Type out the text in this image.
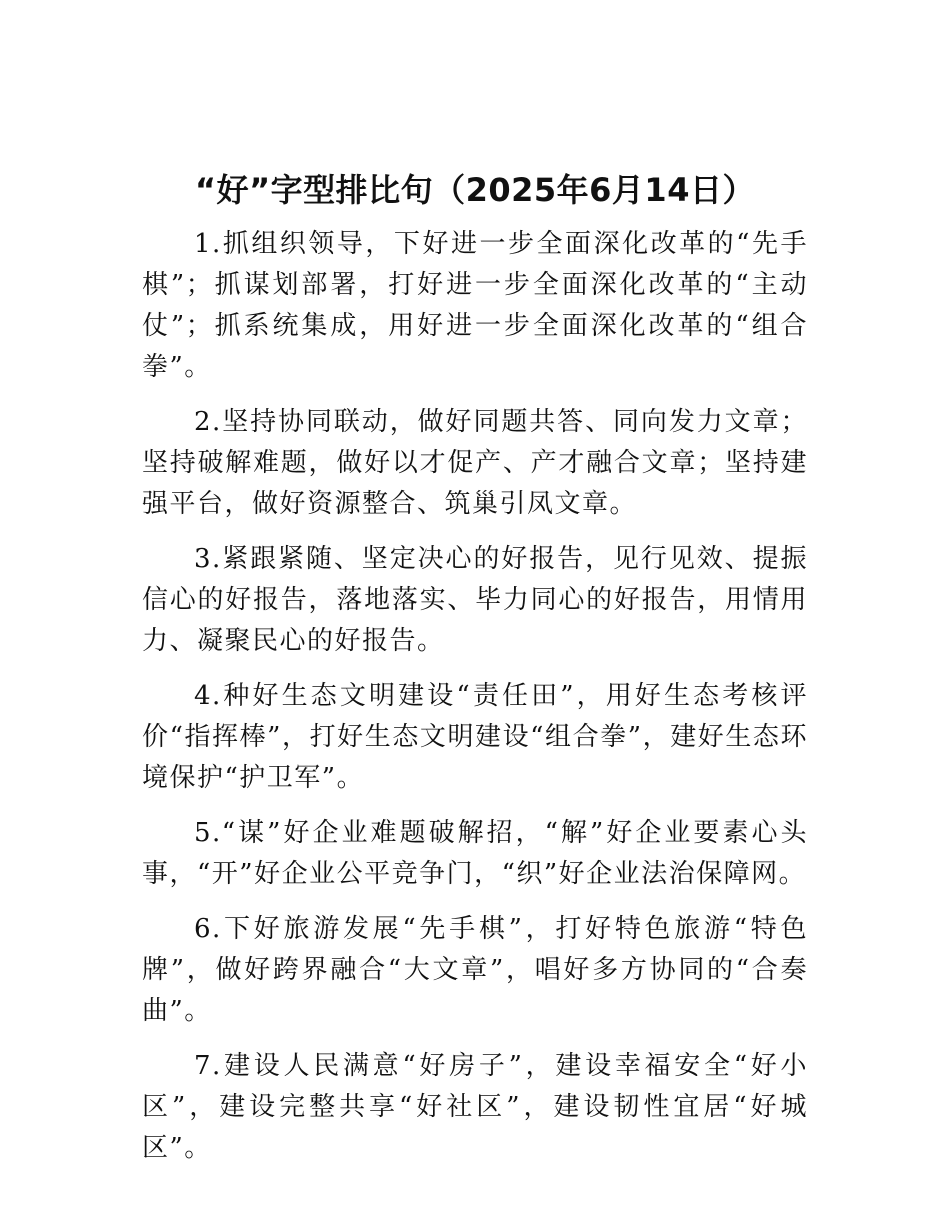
“好”字型排比句（2025年6月14日）

1.抓组织领导，下好进一步全面深化改革的“先手棋”；抓谋划部署，打好进一步全面深化改革的“主动仗”；抓系统集成，用好进一步全面深化改革的“组合拳”。

2.坚持协同联动，做好同题共答、同向发力文章；坚持破解难题，做好以才促产、产才融合文章；坚持建强平台，做好资源整合、筑巢引凤文章。

3.紧跟紧随、坚定决心的好报告，见行见效、提振信心的好报告，落地落实、毕力同心的好报告，用情用力、凝聚民心的好报告。

4.种好生态文明建设“责任田”，用好生态考核评价“指挥棒”，打好生态文明建设“组合拳”，建好生态环境保护“护卫军”。

5.“谋”好企业难题破解招，“解”好企业要素心头事，“开”好企业公平竞争门，“织”好企业法治保障网。

6.下好旅游发展“先手棋”，打好特色旅游“特色牌”，做好跨界融合“大文章”，唱好多方协同的“合奏曲”。

7.建设人民满意“好房子”，建设幸福安全“好小区”，建设完整共享“好社区”，建设韧性宜居“好城区”。
